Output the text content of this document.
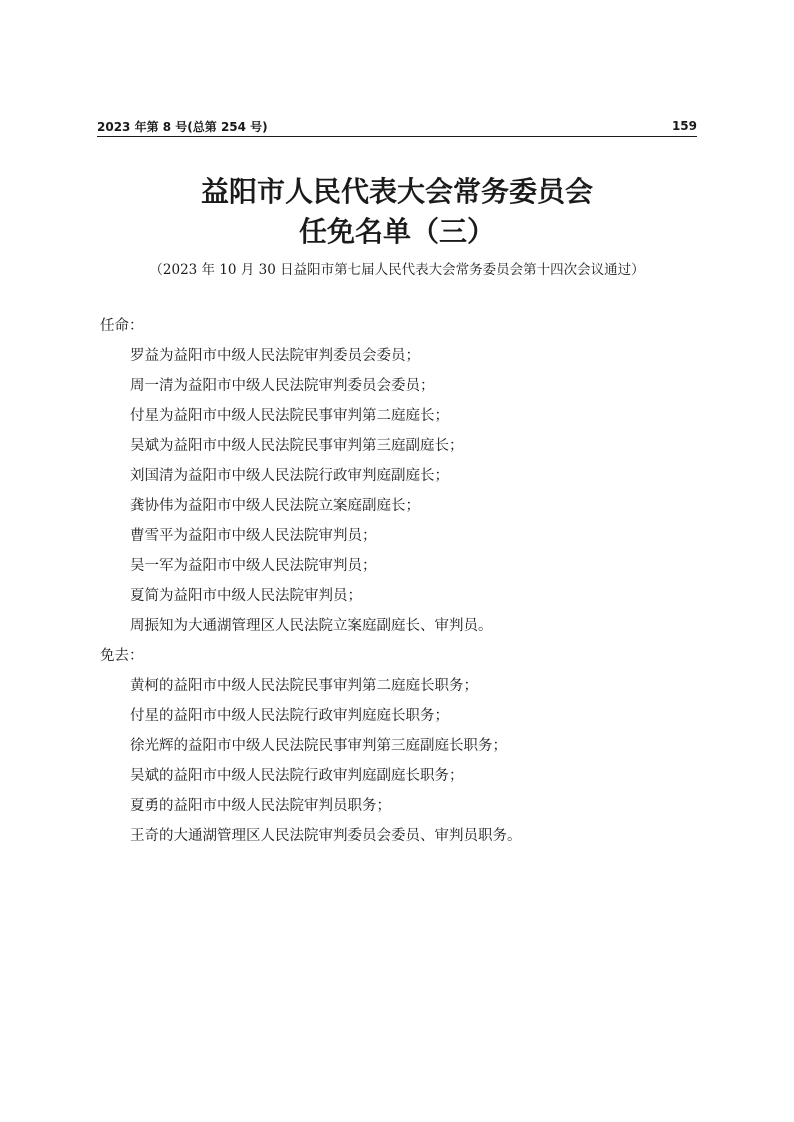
2023 年第 8 号(总第 254 号)	159
益阳市人民代表大会常务委员会
任免名单（三）
（2023 年 10 月 30 日益阳市第七届人民代表大会常务委员会第十四次会议通过）

任命：

罗益为益阳市中级人民法院审判委员会委员；

周一清为益阳市中级人民法院审判委员会委员；

付星为益阳市中级人民法院民事审判第二庭庭长；

吴斌为益阳市中级人民法院民事审判第三庭副庭长；

刘国清为益阳市中级人民法院行政审判庭副庭长；

龚协伟为益阳市中级人民法院立案庭副庭长；

曹雪平为益阳市中级人民法院审判员；

吴一军为益阳市中级人民法院审判员；

夏简为益阳市中级人民法院审判员；

周振知为大通湖管理区人民法院立案庭副庭长、审判员。

免去：

黄柯的益阳市中级人民法院民事审判第二庭庭长职务；

付星的益阳市中级人民法院行政审判庭庭长职务；

徐光辉的益阳市中级人民法院民事审判第三庭副庭长职务；

吴斌的益阳市中级人民法院行政审判庭副庭长职务；

夏勇的益阳市中级人民法院审判员职务；

王奇的大通湖管理区人民法院审判委员会委员、审判员职务。
